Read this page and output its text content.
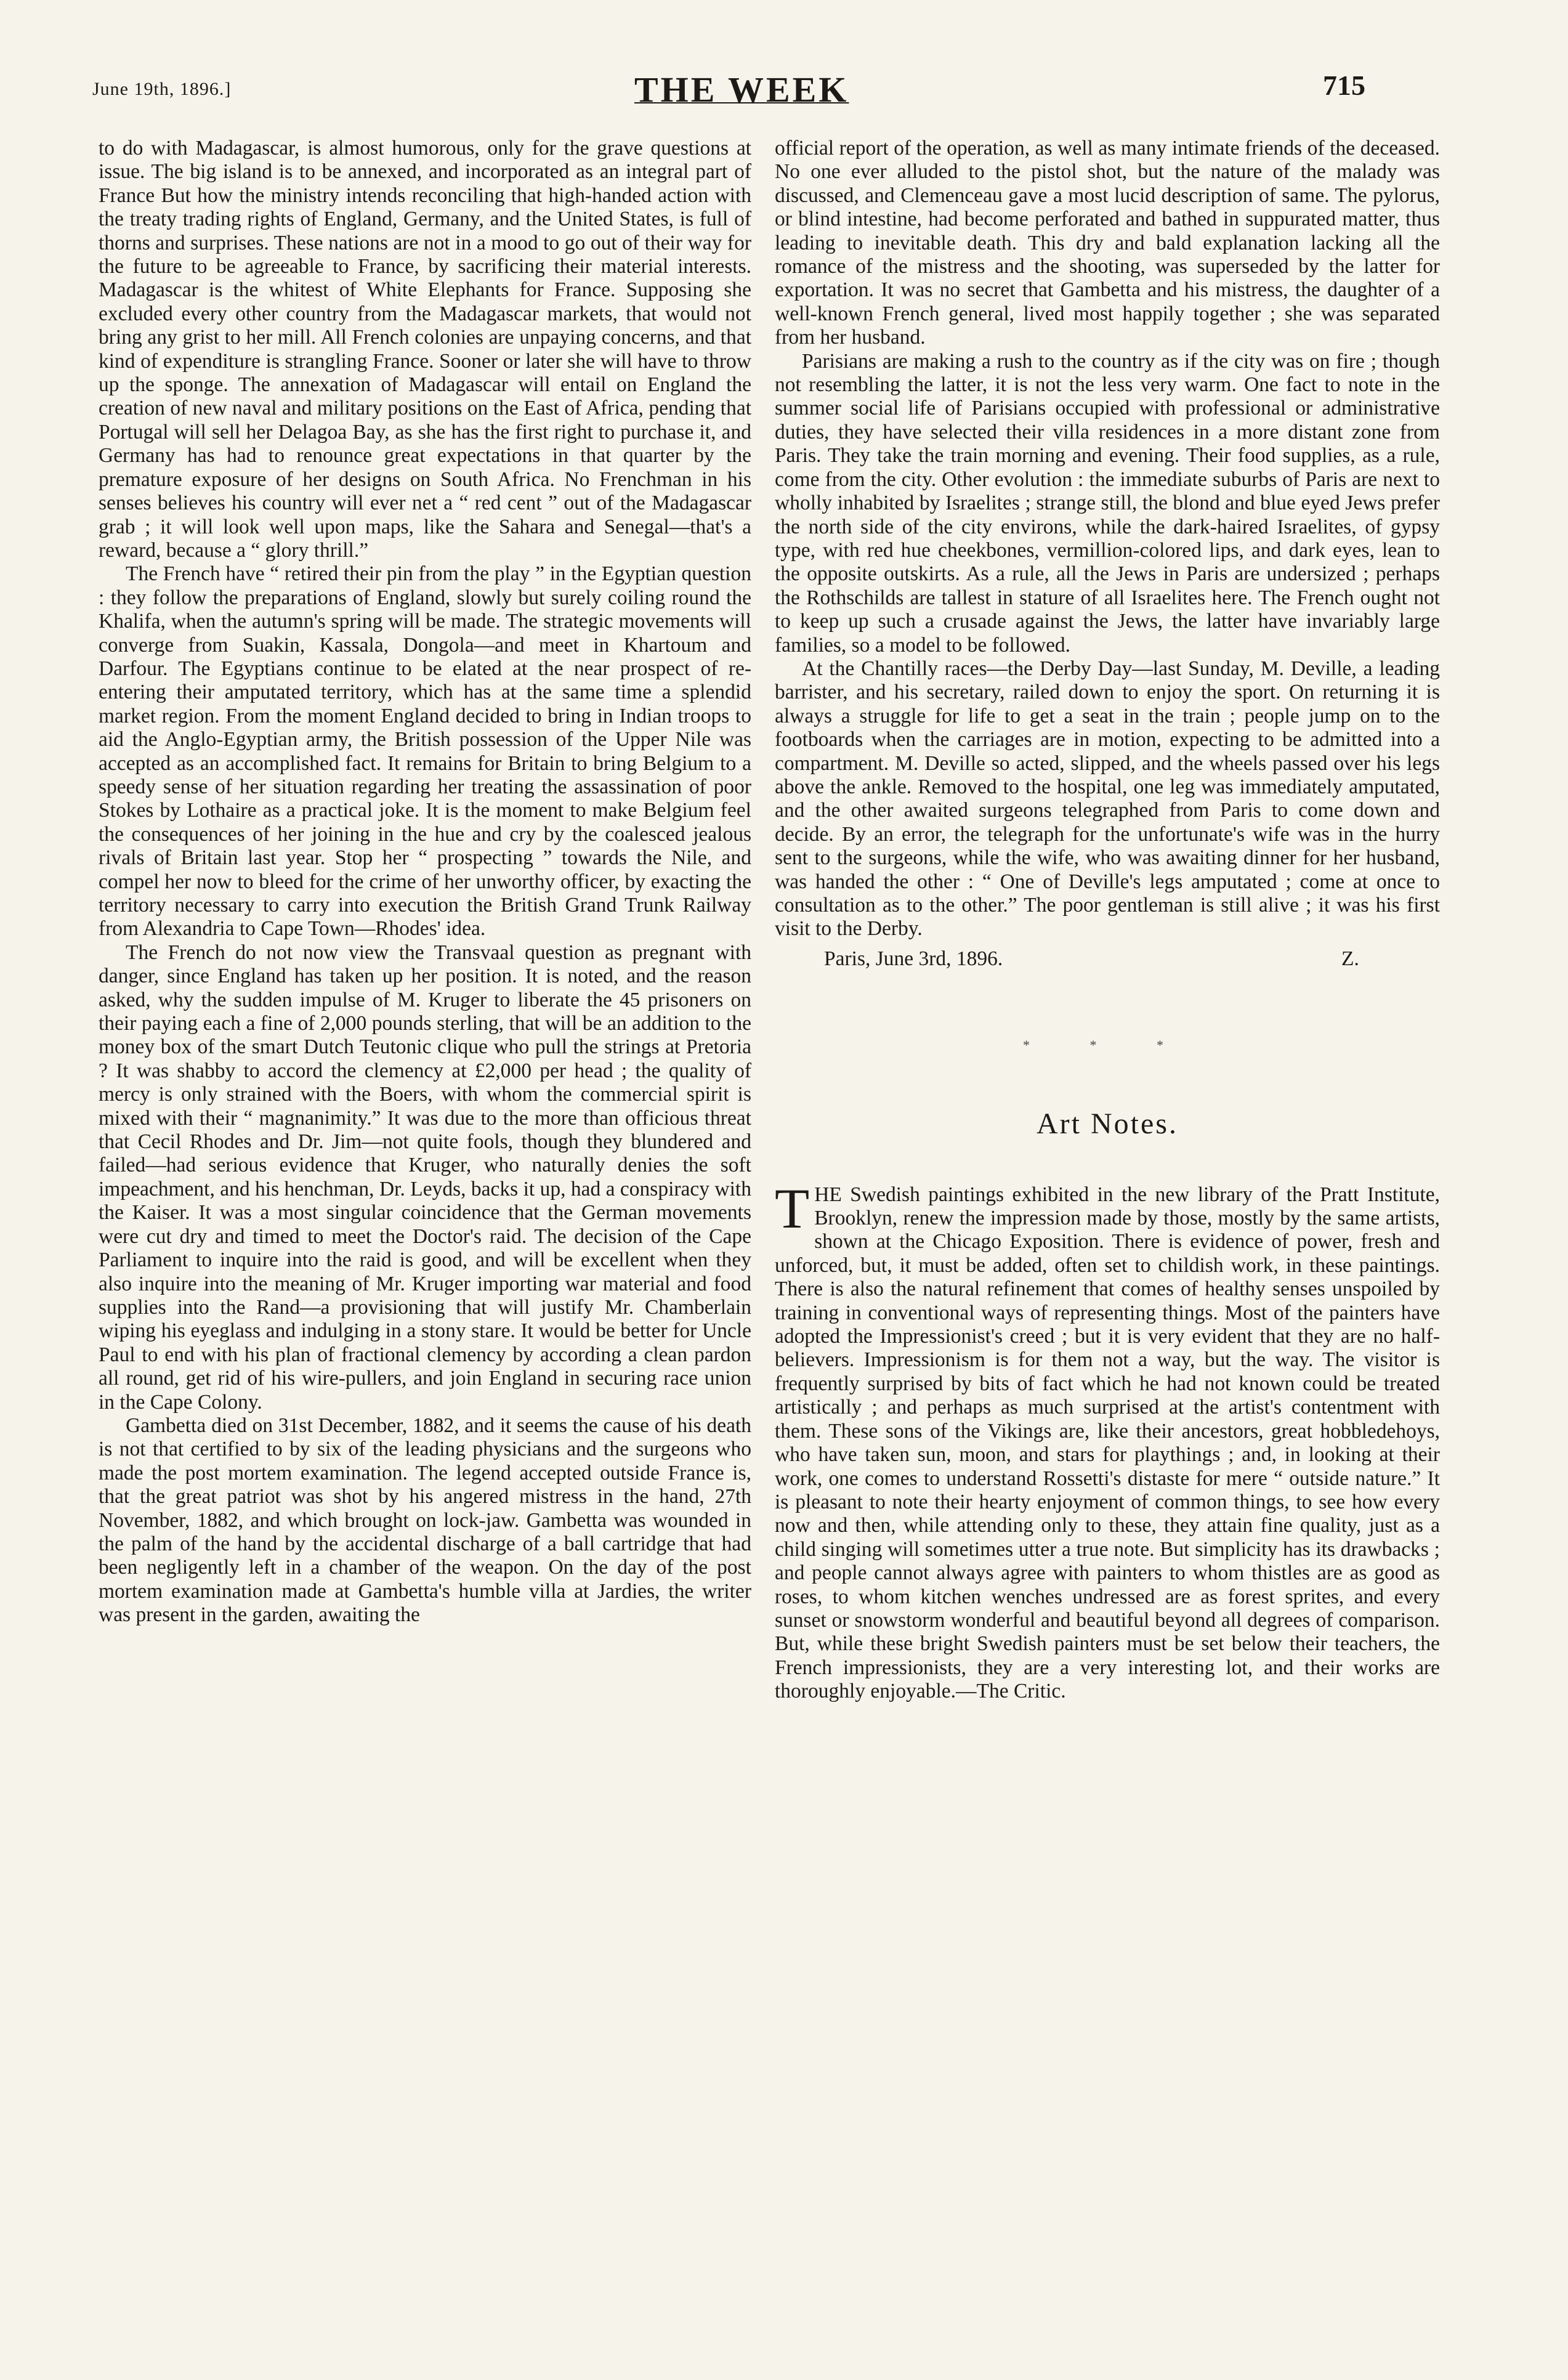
June 19th, 1896.]	THE WEEK	715

to do with Madagascar, is almost humorous, only for the grave questions at issue. The big island is to be annexed, and incorporated as an integral part of France But how the ministry intends reconciling that high-handed action with the treaty trading rights of England, Germany, and the United States, is full of thorns and surprises. These nations are not in a mood to go out of their way for the future to be agreeable to France, by sacrificing their material interests. Madagascar is the whitest of White Elephants for France. Supposing she excluded every other country from the Madagascar markets, that would not bring any grist to her mill. All French colonies are unpaying concerns, and that kind of expenditure is strangling France. Sooner or later she will have to throw up the sponge. The annexation of Madagascar will entail on England the creation of new naval and military positions on the East of Africa, pending that Portugal will sell her Delagoa Bay, as she has the first right to purchase it, and Germany has had to renounce great expectations in that quarter by the premature exposure of her designs on South Africa. No Frenchman in his senses believes his country will ever net a “ red cent ” out of the Madagascar grab ; it will look well upon maps, like the Sahara and Senegal—that's a reward, because a “ glory thrill.”

The French have “ retired their pin from the play ” in the Egyptian question : they follow the preparations of England, slowly but surely coiling round the Khalifa, when the autumn's spring will be made. The strategic movements will converge from Suakin, Kassala, Dongola—and meet in Khartoum and Darfour. The Egyptians continue to be elated at the near prospect of re-entering their amputated territory, which has at the same time a splendid market region. From the moment England decided to bring in Indian troops to aid the Anglo-Egyptian army, the British possession of the Upper Nile was accepted as an accomplished fact. It remains for Britain to bring Belgium to a speedy sense of her situation regarding her treating the assassination of poor Stokes by Lothaire as a practical joke. It is the moment to make Belgium feel the consequences of her joining in the hue and cry by the coalesced jealous rivals of Britain last year. Stop her “ prospecting ” towards the Nile, and compel her now to bleed for the crime of her unworthy officer, by exacting the territory necessary to carry into execution the British Grand Trunk Railway from Alexandria to Cape Town—Rhodes' idea.

The French do not now view the Transvaal question as pregnant with danger, since England has taken up her position. It is noted, and the reason asked, why the sudden impulse of M. Kruger to liberate the 45 prisoners on their paying each a fine of 2,000 pounds sterling, that will be an addition to the money box of the smart Dutch Teutonic clique who pull the strings at Pretoria ? It was shabby to accord the clemency at £2,000 per head ; the quality of mercy is only strained with the Boers, with whom the commercial spirit is mixed with their “ magnanimity.” It was due to the more than officious threat that Cecil Rhodes and Dr. Jim—not quite fools, though they blundered and failed—had serious evidence that Kruger, who naturally denies the soft impeachment, and his henchman, Dr. Leyds, backs it up, had a conspiracy with the Kaiser. It was a most singular coincidence that the German movements were cut dry and timed to meet the Doctor's raid. The decision of the Cape Parliament to inquire into the raid is good, and will be excellent when they also inquire into the meaning of Mr. Kruger importing war material and food supplies into the Rand—a provisioning that will justify Mr. Chamberlain wiping his eyeglass and indulging in a stony stare. It would be better for Uncle Paul to end with his plan of fractional clemency by according a clean pardon all round, get rid of his wire-pullers, and join England in securing race union in the Cape Colony.

Gambetta died on 31st December, 1882, and it seems the cause of his death is not that certified to by six of the leading physicians and the surgeons who made the post mortem examination. The legend accepted outside France is, that the great patriot was shot by his angered mistress in the hand, 27th November, 1882, and which brought on lock-jaw. Gambetta was wounded in the palm of the hand by the accidental discharge of a ball cartridge that had been negligently left in a chamber of the weapon. On the day of the post mortem examination made at Gambetta's humble villa at Jardies, the writer was present in the garden, awaiting the

official report of the operation, as well as many intimate friends of the deceased. No one ever alluded to the pistol shot, but the nature of the malady was discussed, and Clemenceau gave a most lucid description of same. The pylorus, or blind intestine, had become perforated and bathed in suppurated matter, thus leading to inevitable death. This dry and bald explanation lacking all the romance of the mistress and the shooting, was superseded by the latter for exportation. It was no secret that Gambetta and his mistress, the daughter of a well-known French general, lived most happily together ; she was separated from her husband.

Parisians are making a rush to the country as if the city was on fire ; though not resembling the latter, it is not the less very warm. One fact to note in the summer social life of Parisians occupied with professional or administrative duties, they have selected their villa residences in a more distant zone from Paris. They take the train morning and evening. Their food supplies, as a rule, come from the city. Other evolution : the immediate suburbs of Paris are next to wholly inhabited by Israelites ; strange still, the blond and blue eyed Jews prefer the north side of the city environs, while the dark-haired Israelites, of gypsy type, with red hue cheekbones, vermillion-colored lips, and dark eyes, lean to the opposite outskirts. As a rule, all the Jews in Paris are undersized ; perhaps the Rothschilds are tallest in stature of all Israelites here. The French ought not to keep up such a crusade against the Jews, the latter have invariably large families, so a model to be followed.

At the Chantilly races—the Derby Day—last Sunday, M. Deville, a leading barrister, and his secretary, railed down to enjoy the sport. On returning it is always a struggle for life to get a seat in the train ; people jump on to the footboards when the carriages are in motion, expecting to be admitted into a compartment. M. Deville so acted, slipped, and the wheels passed over his legs above the ankle. Removed to the hospital, one leg was immediately amputated, and the other awaited surgeons telegraphed from Paris to come down and decide. By an error, the telegraph for the unfortunate's wife was in the hurry sent to the surgeons, while the wife, who was awaiting dinner for her husband, was handed the other : “ One of Deville's legs amputated ; come at once to consultation as to the other.” The poor gentleman is still alive ; it was his first visit to the Derby.

Paris, June 3rd, 1896.	Z.
* * *
Art Notes.

THE Swedish paintings exhibited in the new library of the Pratt Institute, Brooklyn, renew the impression made by those, mostly by the same artists, shown at the Chicago Exposition. There is evidence of power, fresh and unforced, but, it must be added, often set to childish work, in these paintings. There is also the natural refinement that comes of healthy senses unspoiled by training in conventional ways of representing things. Most of the painters have adopted the Impressionist's creed ; but it is very evident that they are no half-believers. Impressionism is for them not a way, but the way. The visitor is frequently surprised by bits of fact which he had not known could be treated artistically ; and perhaps as much surprised at the artist's contentment with them. These sons of the Vikings are, like their ancestors, great hobbledehoys, who have taken sun, moon, and stars for playthings ; and, in looking at their work, one comes to understand Rossetti's distaste for mere “ outside nature.” It is pleasant to note their hearty enjoyment of common things, to see how every now and then, while attending only to these, they attain fine quality, just as a child singing will sometimes utter a true note. But simplicity has its drawbacks ; and people cannot always agree with painters to whom thistles are as good as roses, to whom kitchen wenches undressed are as forest sprites, and every sunset or snowstorm wonderful and beautiful beyond all degrees of comparison. But, while these bright Swedish painters must be set below their teachers, the French impressionists, they are a very interesting lot, and their works are thoroughly enjoyable.—The Critic.
